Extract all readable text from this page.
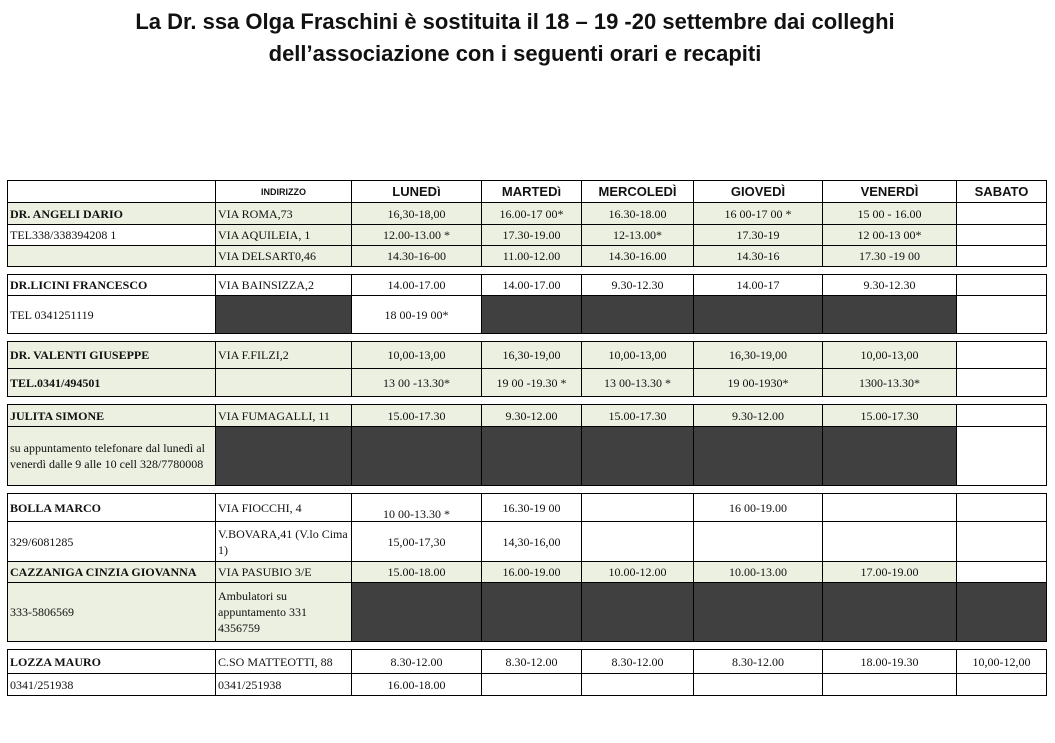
La Dr. ssa Olga Fraschini è sostituita il 18 – 19 -20 settembre dai colleghi
dell’associazione con i seguenti orari e recapiti
	INDIRIZZO	LUNEDì	MARTEDì	MERCOLEDÌ	GIOVEDÌ	VENERDÌ	SABATO
DR. ANGELI DARIO	VIA ROMA,73	16,30-18,00	16.00-17 00*	16.30-18.00	16 00-17 00 *	15 00 - 16.00	
TEL338/338394208 1	VIA AQUILEIA, 1	12.00-13.00 *	17.30-19.00	12-13.00*	17.30-19	12 00-13 00*	
	VIA DELSART0,46	14.30-16-00	11.00-12.00	14.30-16.00	14.30-16	17.30 -19 00	

DR.LICINI FRANCESCO	VIA BAINSIZZA,2	14.00-17.00	14.00-17.00	9.30-12.30	14.00-17	9.30-12.30	
TEL 0341251119		18 00-19 00*					

DR. VALENTI GIUSEPPE	VIA F.FILZI,2	10,00-13,00	16,30-19,00	10,00-13,00	16,30-19,00	10,00-13,00	
TEL.0341/494501		13 00 -13.30*	19 00 -19.30 *	13 00-13.30 *	19 00-1930*	1300-13.30*	

JULITA SIMONE	VIA FUMAGALLI, 11	15.00-17.30	9.30-12.00	15.00-17.30	9.30-12.00	15.00-17.30	
su appuntamento telefonare dal lunedì al venerdì dalle 9 alle 10 cell 328/7780008							

BOLLA MARCO	VIA FIOCCHI, 4	10 00-13.30 *	16.30-19 00		16 00-19.00		
329/6081285	V.BOVARA,41 (V.lo Cima 1)	15,00-17,30	14,30-16,00				
CAZZANIGA CINZIA GIOVANNA	VIA PASUBIO 3/E	15.00-18.00	16.00-19.00	10.00-12.00	10.00-13.00	17.00-19.00	
333-5806569	Ambulatori su appuntamento 331 4356759						

LOZZA MAURO	C.SO MATTEOTTI, 88	8.30-12.00	8.30-12.00	8.30-12.00	8.30-12.00	18.00-19.30	10,00-12,00
0341/251938	0341/251938	16.00-18.00					
